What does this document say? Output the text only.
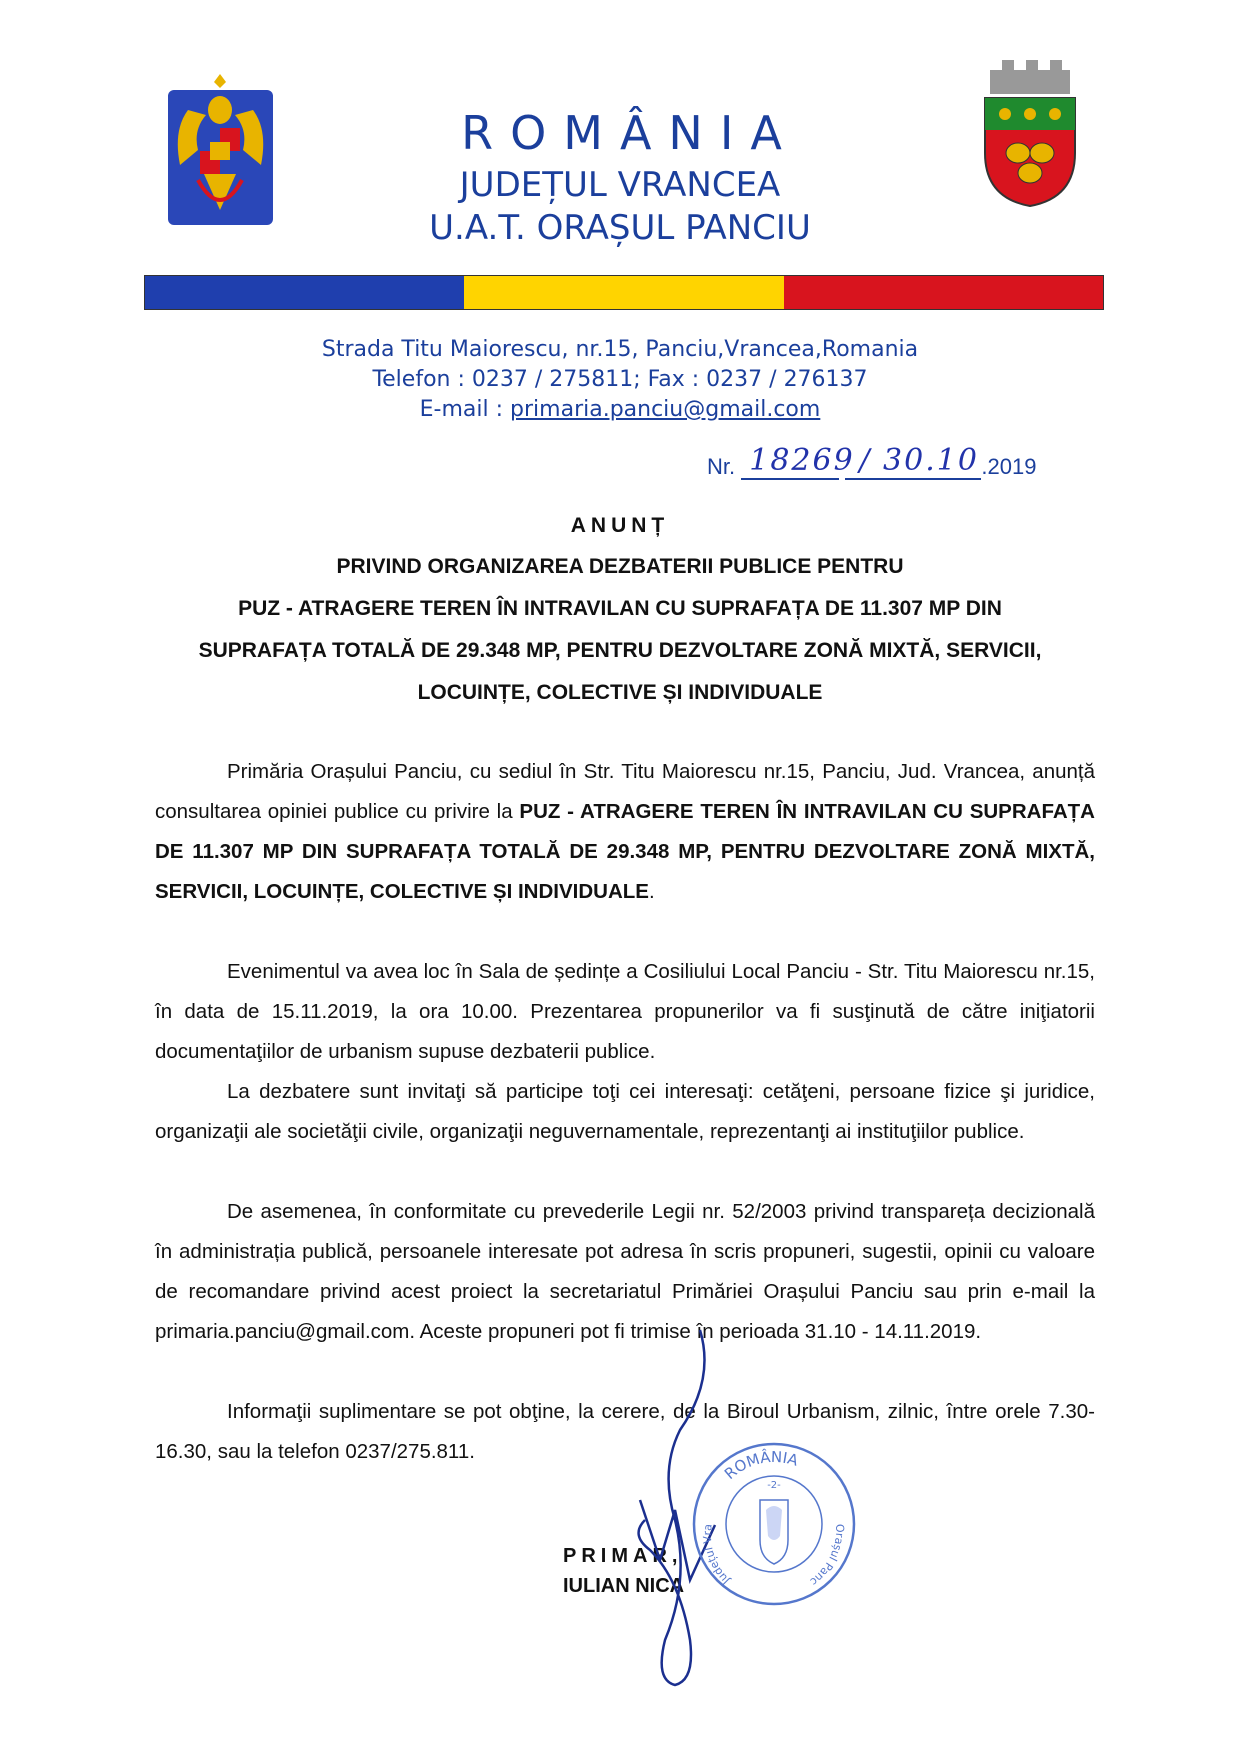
ROMÂNIA
JUDEȚUL VRANCEA
U.A.T. ORAȘUL PANCIU
Strada Titu Maiorescu, nr.15, Panciu,Vrancea,Romania
Telefon : 0237 / 275811; Fax : 0237 / 276137
E-mail : primaria.panciu@gmail.com
Nr. 18269
/ 30.10 .2019
ANUNȚ
PRIVIND ORGANIZAREA DEZBATERII PUBLICE PENTRU
PUZ - ATRAGERE TEREN ÎN INTRAVILAN CU SUPRAFAȚA DE 11.307 MP DIN
SUPRAFAȚA TOTALĂ DE 29.348 MP, PENTRU DEZVOLTARE ZONĂ MIXTĂ, SERVICII,
LOCUINȚE, COLECTIVE ȘI INDIVIDUALE
Primăria Orașului Panciu, cu sediul în Str. Titu Maiorescu nr.15, Panciu, Jud. Vrancea, anunță consultarea opiniei publice cu privire la PUZ - ATRAGERE TEREN ÎN INTRAVILAN CU SUPRAFAȚA DE 11.307 MP DIN SUPRAFAȚA TOTALĂ DE 29.348 MP, PENTRU DEZVOLTARE ZONĂ MIXTĂ, SERVICII, LOCUINȚE, COLECTIVE ȘI INDIVIDUALE.
Evenimentul va avea loc în Sala de ședințe a Cosiliului Local Panciu - Str. Titu Maiorescu nr.15, în data de 15.11.2019, la ora 10.00. Prezentarea propunerilor va fi susţinută de către iniţiatorii documentaţiilor de urbanism supuse dezbaterii publice.
La dezbatere sunt invitaţi să participe toţi cei interesaţi: cetăţeni, persoane fizice şi juridice, organizaţii ale societăţii civile, organizaţii neguvernamentale, reprezentanţi ai instituţiilor publice.
De asemenea, în conformitate cu prevederile Legii nr. 52/2003 privind transpareța decizională în administrația publică, persoanele interesate pot adresa în scris propuneri, sugestii, opinii cu valoare de recomandare privind acest proiect la secretariatul Primăriei Orașului Panciu sau prin e-mail la primaria.panciu@gmail.com. Aceste propuneri pot fi trimise în perioada 31.10 - 14.11.2019.
Informaţii suplimentare se pot obţine, la cerere, de la Biroul Urbanism, zilnic, între orele 7.30-16.30, sau la telefon 0237/275.811.
PRIMAR,
IULIAN NICA
ROMÂNIA
Județul Vra	Orașul Panc
-2-
